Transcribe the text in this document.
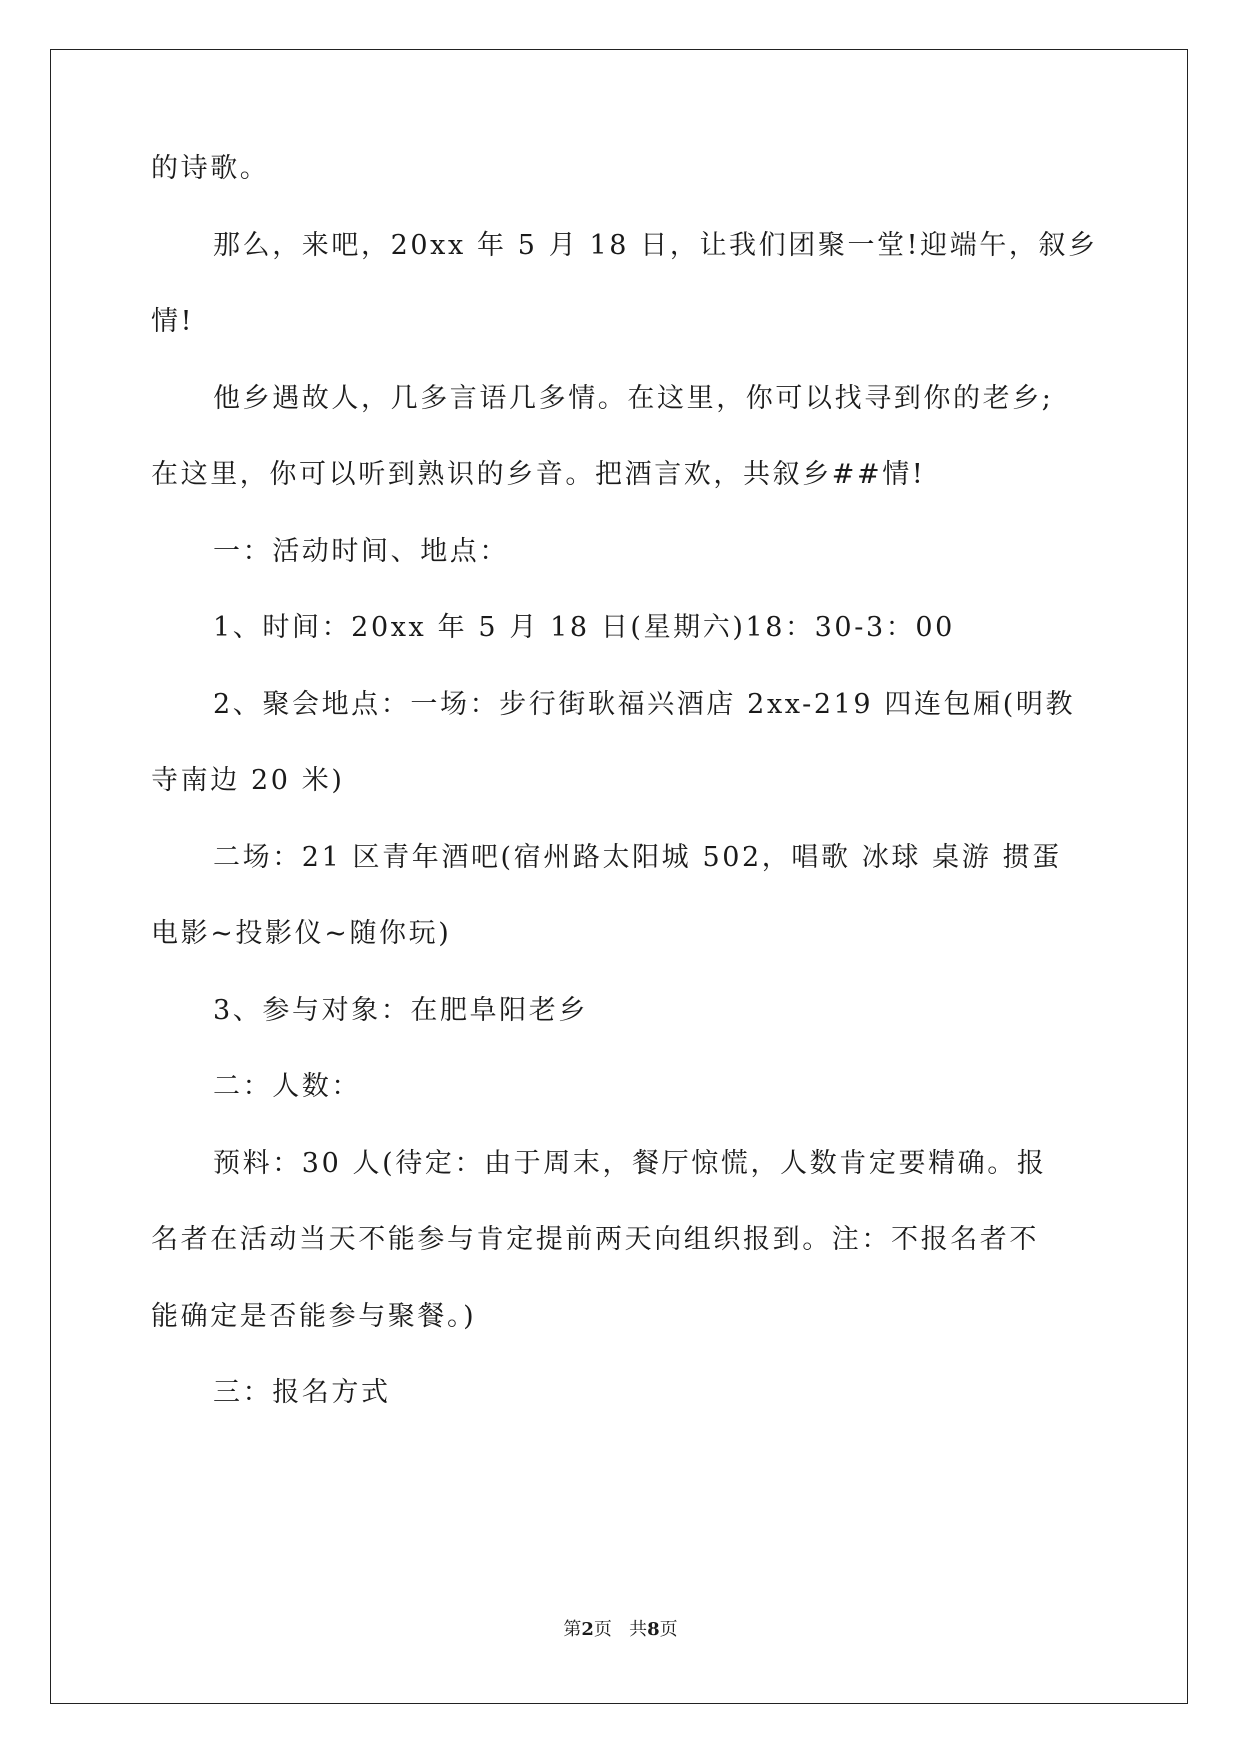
的诗歌。
那么，来吧，20xx 年 5 月 18 日，让我们团聚一堂!迎端午，叙乡
情!
他乡遇故人，几多言语几多情。在这里，你可以找寻到你的老乡;
在这里，你可以听到熟识的乡音。把酒言欢，共叙乡##情!
一：活动时间、地点：
1、时间：20xx 年 5 月 18 日(星期六)18：30-3：00
2、聚会地点：一场：步行街耿福兴酒店 2xx-219 四连包厢(明教
寺南边 20 米)
二场：21 区青年酒吧(宿州路太阳城 502，唱歌 冰球 桌游 掼蛋
电影~投影仪~随你玩)
3、参与对象：在肥阜阳老乡
二：人数：
预料：30 人(待定：由于周末，餐厅惊慌，人数肯定要精确。报
名者在活动当天不能参与肯定提前两天向组织报到。注：不报名者不
能确定是否能参与聚餐。)
三：报名方式
第2页 共8页
